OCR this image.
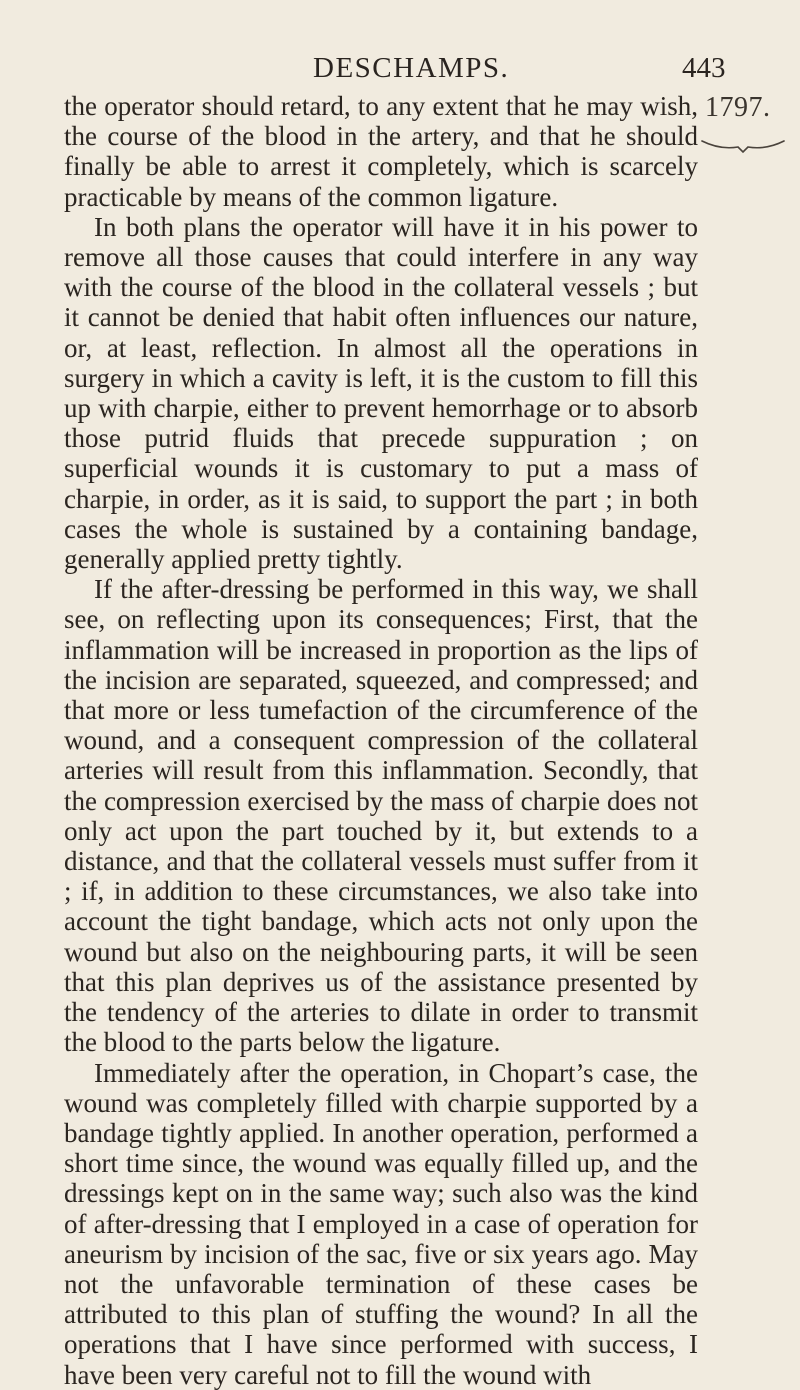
DESCHAMPS.	443
1797.

the operator should retard, to any extent that he may wish, the course of the blood in the artery, and that he should finally be able to arrest it completely, which is scarcely practicable by means of the common ligature.

In both plans the operator will have it in his power to remove all those causes that could interfere in any way with the course of the blood in the collateral vessels ; but it cannot be denied that habit often influences our nature, or, at least, reflection. In almost all the operations in surgery in which a cavity is left, it is the custom to fill this up with charpie, either to prevent hemorrhage or to absorb those putrid fluids that precede suppuration ; on superficial wounds it is customary to put a mass of charpie, in order, as it is said, to support the part ; in both cases the whole is sustained by a containing bandage, generally applied pretty tightly.

If the after-dressing be performed in this way, we shall see, on reflecting upon its consequences; First, that the inflammation will be increased in proportion as the lips of the incision are separated, squeezed, and compressed; and that more or less tumefaction of the circumference of the wound, and a consequent compression of the collateral arteries will result from this inflammation. Secondly, that the compression exercised by the mass of charpie does not only act upon the part touched by it, but extends to a distance, and that the collateral vessels must suffer from it ; if, in addition to these circumstances, we also take into account the tight bandage, which acts not only upon the wound but also on the neighbouring parts, it will be seen that this plan deprives us of the assistance presented by the tendency of the arteries to dilate in order to transmit the blood to the parts below the ligature.

Immediately after the operation, in Chopart’s case, the wound was completely filled with charpie supported by a bandage tightly applied. In another operation, performed a short time since, the wound was equally filled up, and the dressings kept on in the same way; such also was the kind of after-dressing that I employed in a case of operation for aneurism by incision of the sac, five or six years ago. May not the unfavorable termination of these cases be attributed to this plan of stuffing the wound? In all the operations that I have since performed with success, I have been very careful not to fill the wound with
